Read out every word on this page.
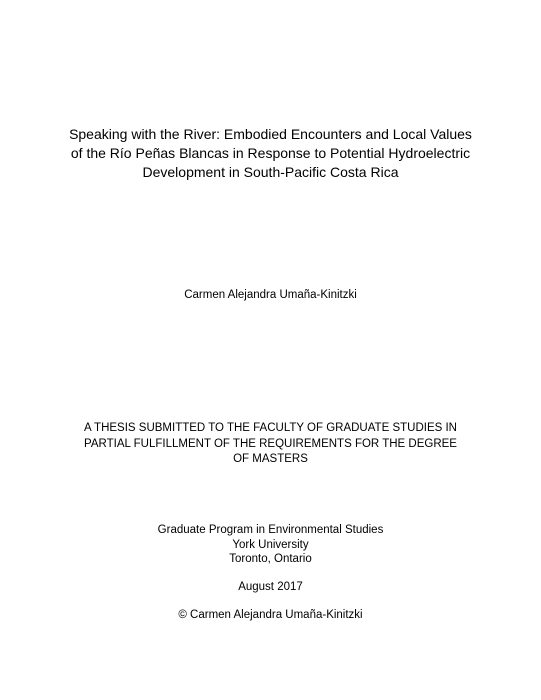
Speaking with the River: Embodied Encounters and Local Values
of the Río Peñas Blancas in Response to Potential Hydroelectric
Development in South-Pacific Costa Rica
Carmen Alejandra Umaña-Kinitzki
A THESIS SUBMITTED TO THE FACULTY OF GRADUATE STUDIES IN
PARTIAL FULFILLMENT OF THE REQUIREMENTS FOR THE DEGREE
OF MASTERS
Graduate Program in Environmental Studies
York University
Toronto, Ontario
August 2017
© Carmen Alejandra Umaña-Kinitzki
